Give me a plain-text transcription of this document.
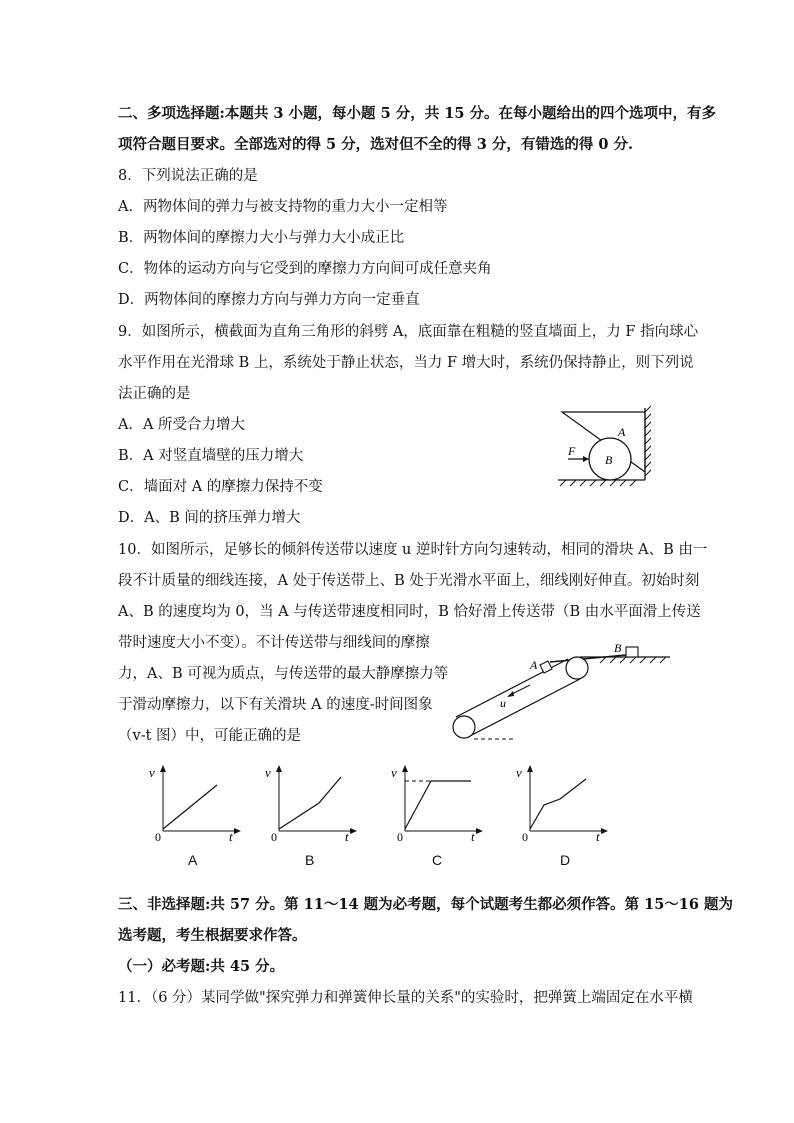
二、多项选择题:本题共 3 小题，每小题 5 分，共 15 分。在每小题给出的四个选项中，有多
项符合题目要求。全部选对的得 5 分，选对但不全的得 3 分，有错选的得 0 分.
8．下列说法正确的是
A．两物体间的弹力与被支持物的重力大小一定相等
B．两物体间的摩擦力大小与弹力大小成正比
C．物体的运动方向与它受到的摩擦力方向间可成任意夹角
D．两物体间的摩擦力方向与弹力方向一定垂直
9．如图所示，横截面为直角三角形的斜劈 A，底面靠在粗糙的竖直墙面上，力 F 指向球心
水平作用在光滑球 B 上，系统处于静止状态，当力 F 增大时，系统仍保持静止，则下列说
法正确的是
A．A 所受合力增大
B．A 对竖直墙壁的压力增大
C．墙面对 A 的摩擦力保持不变
D．A、B 间的挤压弹力增大
F
A
B
10．如图所示，足够长的倾斜传送带以速度 u 逆时针方向匀速转动，相同的滑块 A、B 由一
段不计质量的细线连接，A 处于传送带上、B 处于光滑水平面上，细线刚好伸直。初始时刻
A、B 的速度均为 0，当 A 与传送带速度相同时，B 恰好滑上传送带（B 由水平面滑上传送
带时速度大小不变）。不计传送带与细线间的摩擦
力，A、B 可视为质点，与传送带的最大静摩擦力等
于滑动摩擦力，以下有关滑块 A 的速度-时间图象
（v-t 图）中，可能正确的是
A
B
u
v
0	t
v
0	t
v
0	t
v
0	t
A	B	C	D
三、非选择题:共 57 分。第 11～14 题为必考题，每个试题考生都必须作答。第 15～16 题为
选考题，考生根据要求作答。
（一）必考题:共 45 分。
11．（6 分）某同学做"探究弹力和弹簧伸长量的关系"的实验时，把弹簧上端固定在水平横
